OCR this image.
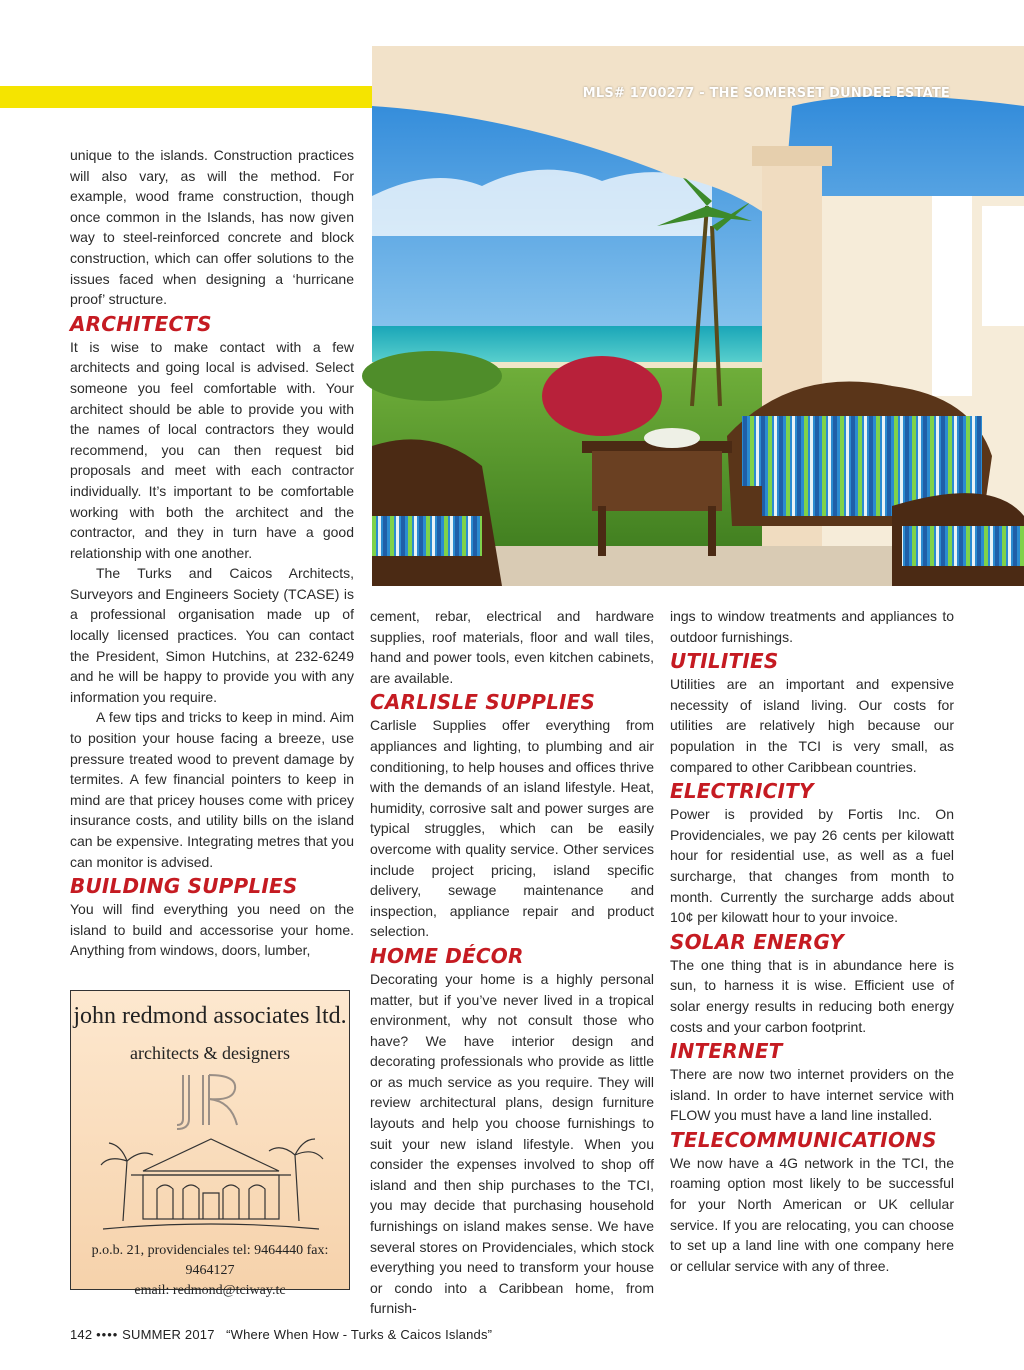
MLS# 1700277 - THE SOMERSET DUNDEE ESTATE

unique to the islands. Construction practices will also vary, as will the method. For example, wood frame construction, though once common in the Islands, has now given way to steel-reinforced concrete and block construction, which can offer solutions to the issues faced when designing a ‘hurricane proof’ structure.

ARCHITECTS

It is wise to make contact with a few architects and going local is advised. Select someone you feel comfortable with. Your architect should be able to provide you with the names of local contractors they would recommend, you can then request bid proposals and meet with each contractor individually. It’s important to be comfortable working with both the architect and the contractor, and they in turn have a good relationship with one another.

The Turks and Caicos Architects, Surveyors and Engineers Society (TCASE) is a professional organisation made up of locally licensed practices. You can contact the President, Simon Hutchins, at 232-6249 and he will be happy to provide you with any information you require.

A few tips and tricks to keep in mind. Aim to position your house facing a breeze, use pressure treated wood to prevent damage by termites. A few financial pointers to keep in mind are that pricey houses come with pricey insurance costs, and utility bills on the island can be expensive. Integrating metres that you can monitor is advised.

BUILDING SUPPLIES

You will find everything you need on the island to build and accessorise your home. Anything from windows, doors, lumber,

cement, rebar, electrical and hardware supplies, roof materials, floor and wall tiles, hand and power tools, even kitchen cabinets, are available.

CARLISLE SUPPLIES

Carlisle Supplies offer everything from appliances and lighting, to plumbing and air conditioning, to help houses and offices thrive with the demands of an island lifestyle. Heat, humidity, corrosive salt and power surges are typical struggles, which can be easily overcome with quality service. Other services include project pricing, island specific delivery, sewage maintenance and inspection, appliance repair and product selection.

HOME DÉCOR

Decorating your home is a highly personal matter, but if you’ve never lived in a tropical environment, why not consult those who have? We have interior design and decorating professionals who provide as little or as much service as you require. They will review architectural plans, design furniture layouts and help you choose furnishings to suit your new island lifestyle. When you consider the expenses involved to shop off island and then ship purchases to the TCI, you may decide that purchasing household furnishings on island makes sense. We have several stores on Providenciales, which stock everything you need to transform your house or condo into a Caribbean home, from furnish-

ings to window treatments and appliances to outdoor furnishings.

UTILITIES

Utilities are an important and expensive necessity of island living. Our costs for utilities are relatively high because our population in the TCI is very small, as compared to other Caribbean countries.

ELECTRICITY

Power is provided by Fortis Inc. On Providenciales, we pay 26 cents per kilowatt hour for residential use, as well as a fuel surcharge, that changes from month to month. Currently the surcharge adds about 10¢ per kilowatt hour to your invoice.

SOLAR ENERGY

The one thing that is in abundance here is sun, to harness it is wise. Efficient use of solar energy results in reducing both energy costs and your carbon footprint.

INTERNET

There are now two internet providers on the island. In order to have internet service with FLOW you must have a land line installed.

TELECOMMUNICATIONS

We now have a 4G network in the TCI, the roaming option most likely to be successful for your North American or UK cellular service. If you are relocating, you can choose to set up a land line with one company here or cellular service with any of three.

john redmond associates ltd.
architects & designers
p.o.b. 21, providenciales tel: 9464440 fax: 9464127
email: redmond@tciway.tc
142 •••• SUMMER 2017 “Where When How - Turks & Caicos Islands”
